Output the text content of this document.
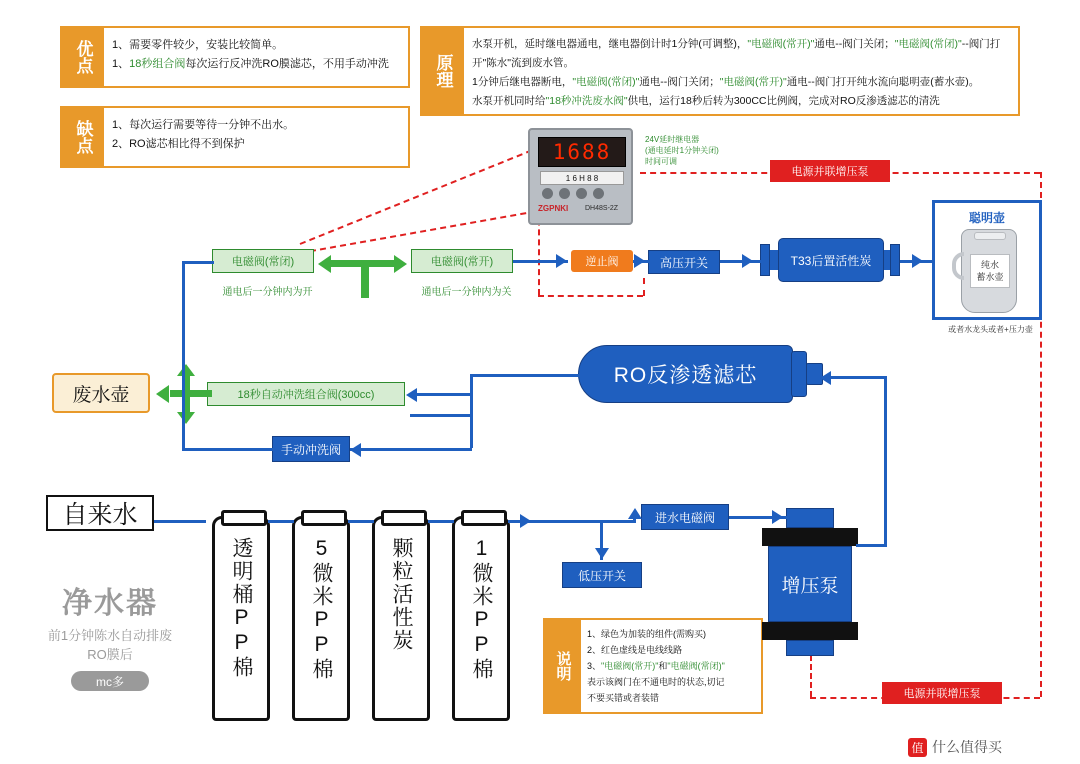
优点 1、需要零件较少，安装比较简单。
1、18秒组合阀每次运行反冲洗RO膜滤芯，不用手动冲洗
缺点 1、每次运行需要等待一分钟不出水。
2、RO滤芯相比得不到保护
原理
水泵开机，延时继电器通电，继电器倒计时1分钟(可调整)，"电磁阀(常开)"通电--阀门关闭；"电磁阀(常闭)"--阀门打开"陈水"流到废水管。
1分钟后继电器断电，"电磁阀(常闭)"通电--阀门关闭；"电磁阀(常开)"通电--阀门打开纯水流向聪明壶(蓄水壶)。
水泵开机同时给"18秒冲洗废水阀"供电，运行18秒后转为300CC比例阀，完成对RO反渗透滤芯的清洗
说明
1、绿色为加装的组件(需购买)
2、红色虚线是电线线路
3、"电磁阀(常开)"和"电磁阀(常闭)"
表示该阀门在不通电时的状态,切记
不要买错或者装错
电源并联增压泵
电源并联增压泵
1688
1 6 H 8 8
ZGPNKI DH48S-2Z
24V延时继电器
(通电延时1分钟关闭)
时间可调
电磁阀(常闭)
通电后一分钟内为开
电磁阀(常开)
通电后一分钟内为关
逆止阀	高压开关	T33后置活性炭
聪明壶
纯水
蓄水壶
或者水龙头或者+压力壶
RO反渗透滤芯
18秒自动冲洗组合阀(300cc)
手动冲洗阀
废水壶
自来水
净水器
前1分钟陈水自动排废
RO膜后
mc多
透明桶PP棉	5微米PP棉	颗粒活性炭	1微米PP棉	低压开关
进水电磁阀
增压泵
值 什么值得买
